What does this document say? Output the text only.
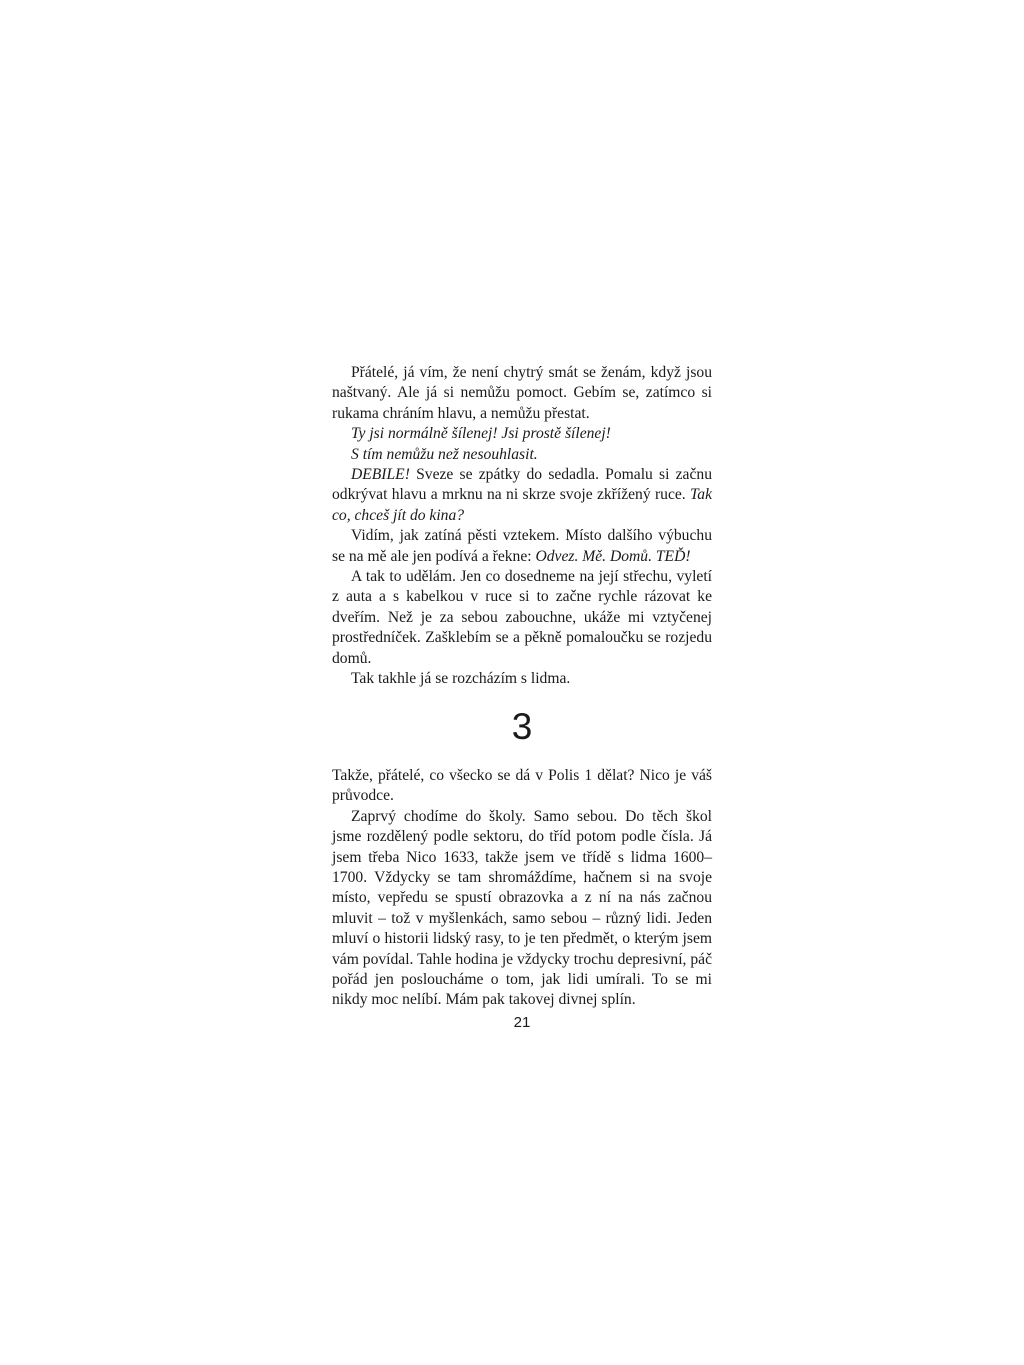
Přátelé, já vím, že není chytrý smát se ženám, když jsou naštvaný. Ale já si nemůžu pomoct. Gebím se, zatímco si rukama chráním hlavu, a nemůžu přestat.

Ty jsi normálně šílenej! Jsi prostě šílenej!

S tím nemůžu než nesouhlasit.

DEBILE! Sveze se zpátky do sedadla. Pomalu si začnu odkrývat hlavu a mrknu na ni skrze svoje zkřížený ruce. Tak co, chceš jít do kina?

Vidím, jak zatíná pěsti vztekem. Místo dalšího výbuchu se na mě ale jen podívá a řekne: Odvez. Mě. Domů. TEĎ!

A tak to udělám. Jen co dosedneme na její střechu, vyletí z auta a s kabelkou v ruce si to začne rychle rázovat ke dveřím. Než je za sebou zabouchne, ukáže mi vztyčenej prostředníček. Zašklebím se a pěkně pomaloučku se rozjedu domů.

Tak takhle já se rozcházím s lidma.

3

Takže, přátelé, co všecko se dá v Polis 1 dělat? Nico je váš průvodce.

Zaprvý chodíme do školy. Samo sebou. Do těch škol jsme rozdělený podle sektoru, do tříd potom podle čísla. Já jsem třeba Nico 1633, takže jsem ve třídě s lidma 1600–1700. Vždycky se tam shromáždíme, hačnem si na svoje místo, vepředu se spustí obrazovka a z ní na nás začnou mluvit – tož v myšlenkách, samo sebou – různý lidi. Jeden mluví o historii lidský rasy, to je ten předmět, o kterým jsem vám povídal. Tahle hodina je vždycky trochu depresivní, páč pořád jen posloucháme o tom, jak lidi umírali. To se mi nikdy moc nelíbí. Mám pak takovej divnej splín.

21
